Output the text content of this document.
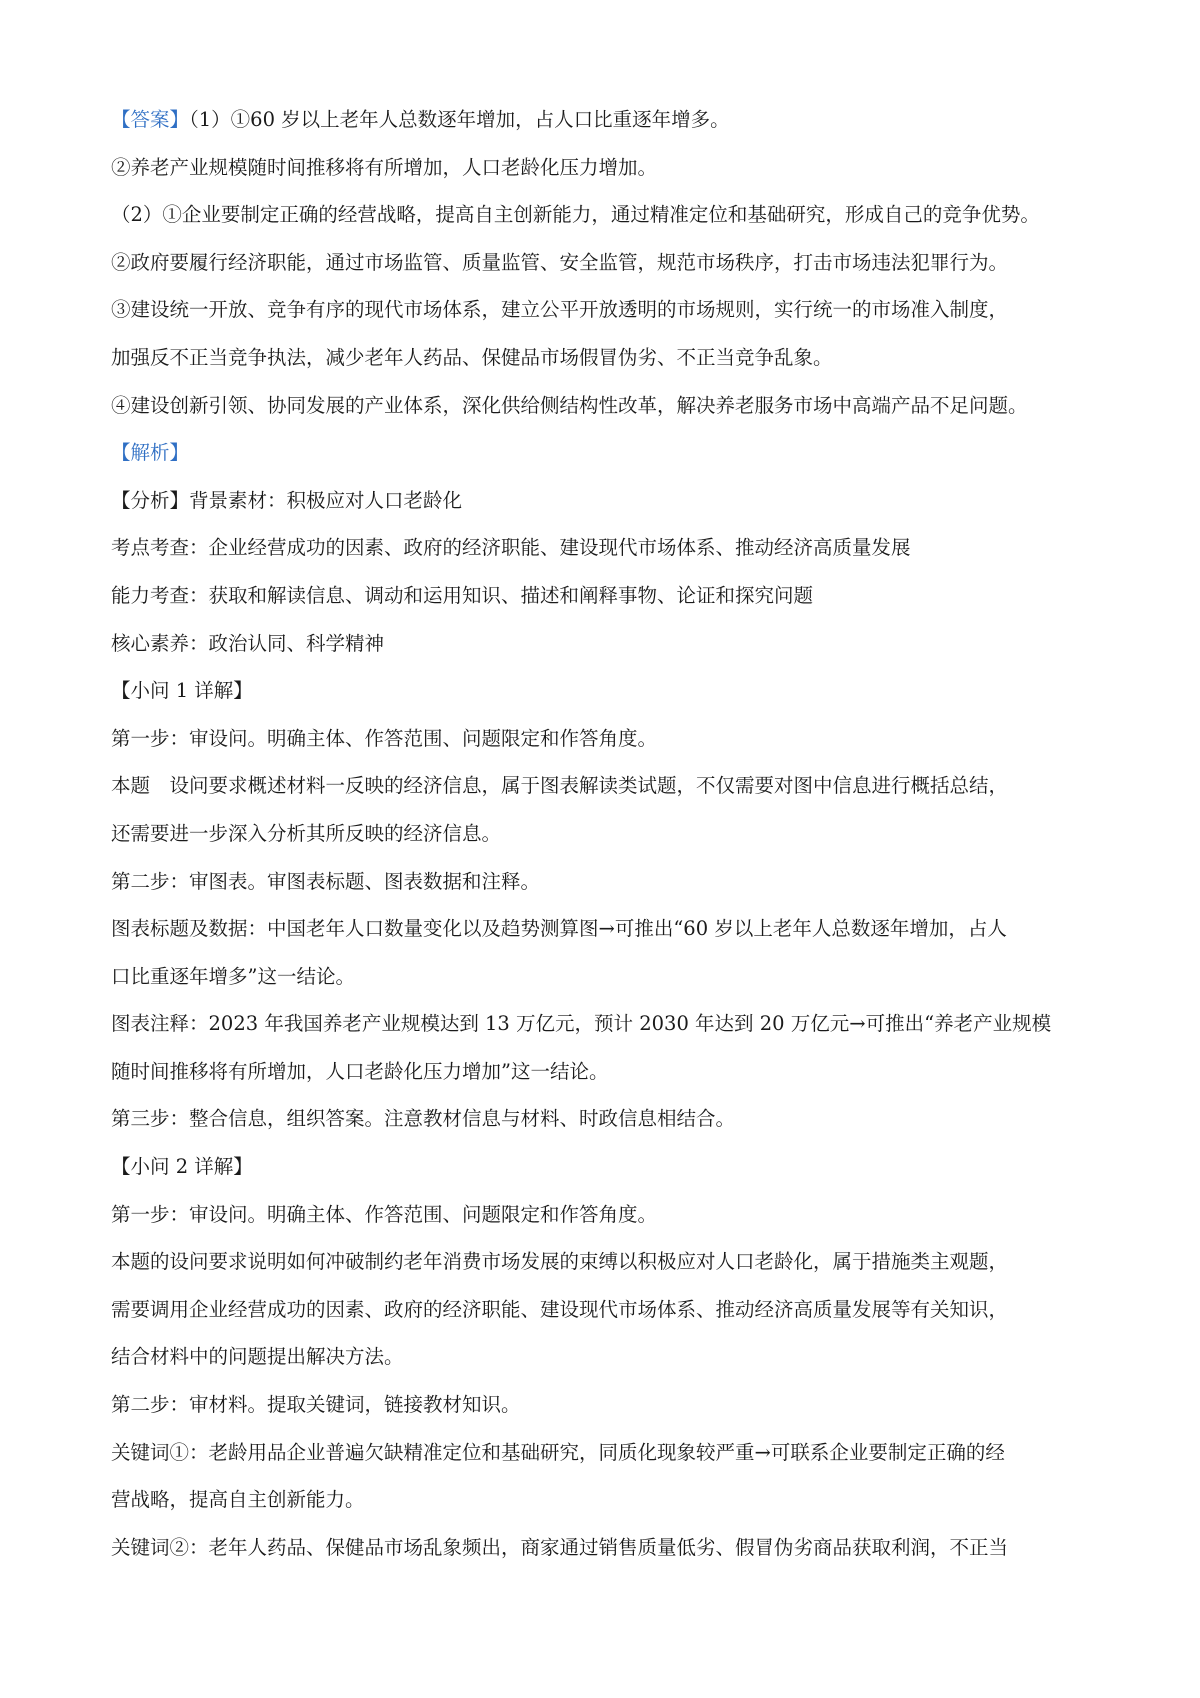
【答案】（1）①60 岁以上老年人总数逐年增加，占人口比重逐年增多。
②养老产业规模随时间推移将有所增加，人口老龄化压力增加。
（2）①企业要制定正确的经营战略，提高自主创新能力，通过精准定位和基础研究，形成自己的竞争优势。
②政府要履行经济职能，通过市场监管、质量监管、安全监管，规范市场秩序，打击市场违法犯罪行为。
③建设统一开放、竞争有序的现代市场体系，建立公平开放透明的市场规则，实行统一的市场准入制度，
加强反不正当竞争执法，减少老年人药品、保健品市场假冒伪劣、不正当竞争乱象。
④建设创新引领、协同发展的产业体系，深化供给侧结构性改革，解决养老服务市场中高端产品不足问题。
【解析】
【分析】背景素材：积极应对人口老龄化
考点考查：企业经营成功的因素、政府的经济职能、建设现代市场体系、推动经济高质量发展
能力考查：获取和解读信息、调动和运用知识、描述和阐释事物、论证和探究问题
核心素养：政治认同、科学精神
【小问 1 详解】
第一步：审设问。明确主体、作答范围、问题限定和作答角度。
本题　设问要求概述材料一反映的经济信息，属于图表解读类试题，不仅需要对图中信息进行概括总结，
还需要进一步深入分析其所反映的经济信息。
第二步：审图表。审图表标题、图表数据和注释。
图表标题及数据：中国老年人口数量变化以及趋势测算图→可推出“60 岁以上老年人总数逐年增加，占人
口比重逐年增多”这一结论。
图表注释：2023 年我国养老产业规模达到 13 万亿元，预计 2030 年达到 20 万亿元→可推出“养老产业规模
随时间推移将有所增加，人口老龄化压力增加”这一结论。
第三步：整合信息，组织答案。注意教材信息与材料、时政信息相结合。
【小问 2 详解】
第一步：审设问。明确主体、作答范围、问题限定和作答角度。
本题的设问要求说明如何冲破制约老年消费市场发展的束缚以积极应对人口老龄化，属于措施类主观题，
需要调用企业经营成功的因素、政府的经济职能、建设现代市场体系、推动经济高质量发展等有关知识，
结合材料中的问题提出解决方法。
第二步：审材料。提取关键词，链接教材知识。
关键词①：老龄用品企业普遍欠缺精准定位和基础研究，同质化现象较严重→可联系企业要制定正确的经
营战略，提高自主创新能力。
关键词②：老年人药品、保健品市场乱象频出，商家通过销售质量低劣、假冒伪劣商品获取利润，不正当
